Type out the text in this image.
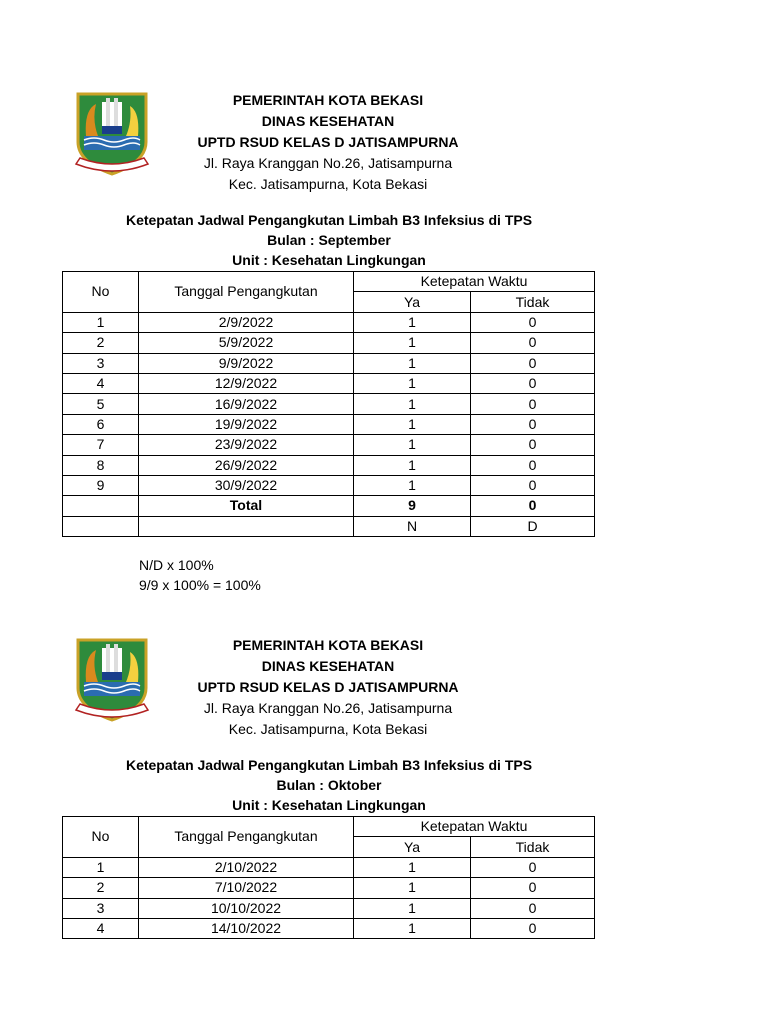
PEMERINTAH KOTA BEKASI
DINAS KESEHATAN
UPTD RSUD KELAS D JATISAMPURNA
Jl. Raya Kranggan No.26, Jatisampurna
Kec. Jatisampurna, Kota Bekasi
Ketepatan Jadwal Pengangkutan Limbah B3 Infeksius di TPS
Bulan : September
Unit : Kesehatan Lingkungan
No	Tanggal Pengangkutan	Ketepatan Waktu	
		Ya	Tidak
1	2/9/2022	1	0
2	5/9/2022	1	0
3	9/9/2022	1	0
4	12/9/2022	1	0
5	16/9/2022	1	0
6	19/9/2022	1	0
7	23/9/2022	1	0
8	26/9/2022	1	0
9	30/9/2022	1	0
	Total	9	0
		N	D
N/D x 100%
9/9 x 100% = 100%
PEMERINTAH KOTA BEKASI
DINAS KESEHATAN
UPTD RSUD KELAS D JATISAMPURNA
Jl. Raya Kranggan No.26, Jatisampurna
Kec. Jatisampurna, Kota Bekasi
Ketepatan Jadwal Pengangkutan Limbah B3 Infeksius di TPS
Bulan : Oktober
Unit : Kesehatan Lingkungan
No	Tanggal Pengangkutan	Ketepatan Waktu	
		Ya	Tidak
1	2/10/2022	1	0
2	7/10/2022	1	0
3	10/10/2022	1	0
4	14/10/2022	1	0
